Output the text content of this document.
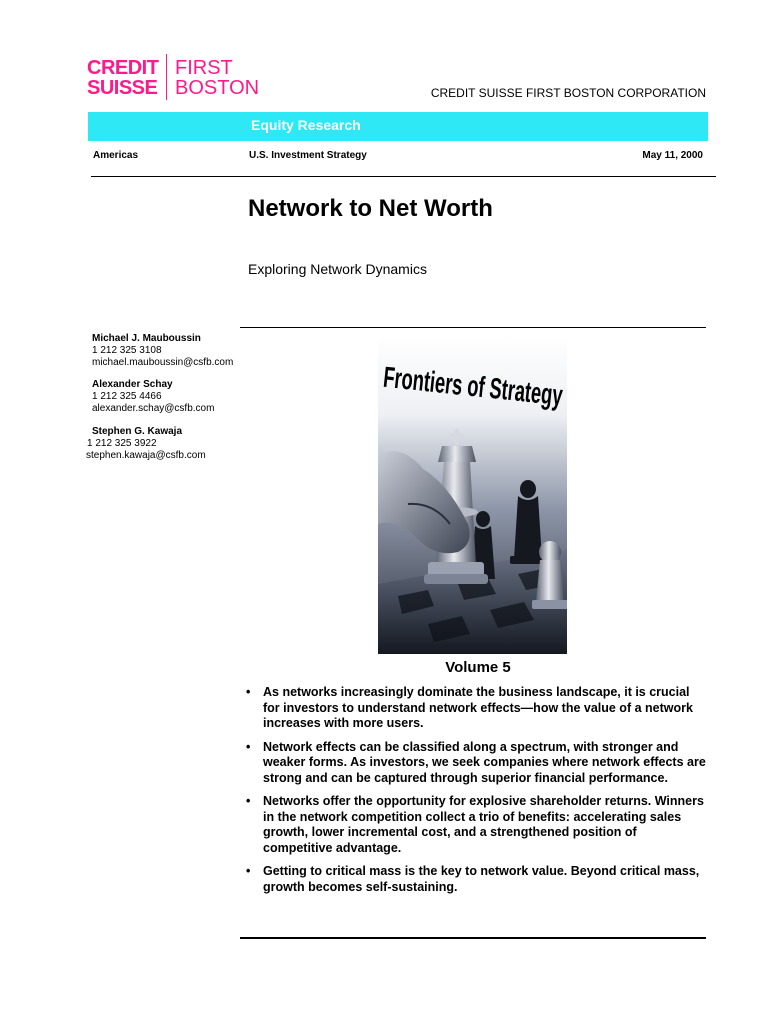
CREDIT
SUISSE
FIRST
BOSTON	CREDIT SUISSE FIRST BOSTON CORPORATION
Equity Research
Americas	U.S. Investment Strategy	May 11, 2000
Network to Net Worth
Exploring Network Dynamics
Michael J. Mauboussin
1 212 325 3108
michael.mauboussin@csfb.com
Alexander Schay
1 212 325 4466
alexander.schay@csfb.com
Stephen G. Kawaja
1 212 325 3922
stephen.kawaja@csfb.com
Frontiers of Strategy
Volume 5
• As networks increasingly dominate the business landscape, it is crucial for investors to understand network effects—how the value of a network increases with more users.
• Network effects can be classified along a spectrum, with stronger and weaker forms. As investors, we seek companies where network effects are strong and can be captured through superior financial performance.
• Networks offer the opportunity for explosive shareholder returns. Winners in the network competition collect a trio of benefits: accelerating sales growth, lower incremental cost, and a strengthened position of competitive advantage.
• Getting to critical mass is the key to network value. Beyond critical mass, growth becomes self-sustaining.
